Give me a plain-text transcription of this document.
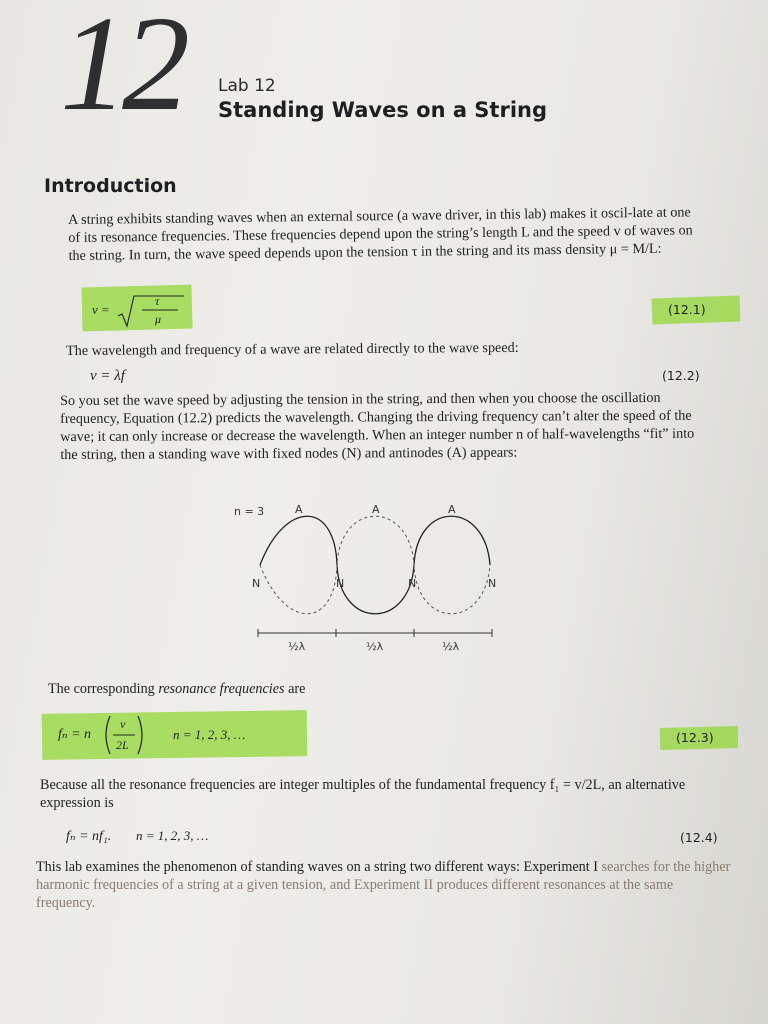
12 Lab 12
Standing Waves on a String
Introduction

A string exhibits standing waves when an external source (a wave driver, in this lab) makes it oscil-late at one of its resonance frequencies. These frequencies depend upon the string’s length L and the speed v of waves on the string. In turn, the wave speed depends upon the tension τ in the string and its mass density μ = M/L:

v =
τ
μ
(12.1)

The wavelength and frequency of a wave are related directly to the wave speed:

v = λf	(12.2)

So you set the wave speed by adjusting the tension in the string, and then when you choose the oscillation frequency, Equation (12.2) predicts the wavelength. Changing the driving frequency can’t alter the speed of the wave; it can only increase or decrease the wavelength. When an integer number n of half-wavelengths “fit” into the string, then a standing wave with fixed nodes (N) and antinodes (A) appears:

n = 3	A	A	A
N	N	N	N
½λ	½λ	½λ

The corresponding resonance frequencies are

fₙ = n
v
2L
n = 1, 2, 3, …	(12.3)

Because all the resonance frequencies are integer multiples of the fundamental frequency f₁ = v/2L, an alternative expression is

fₙ = nf₁. n = 1, 2, 3, …	(12.4)

This lab examines the phenomenon of standing waves on a string two different ways: Experiment I searches for the higher harmonic frequencies of a string at a given tension, and Experiment II produces different resonances at the same frequency.
